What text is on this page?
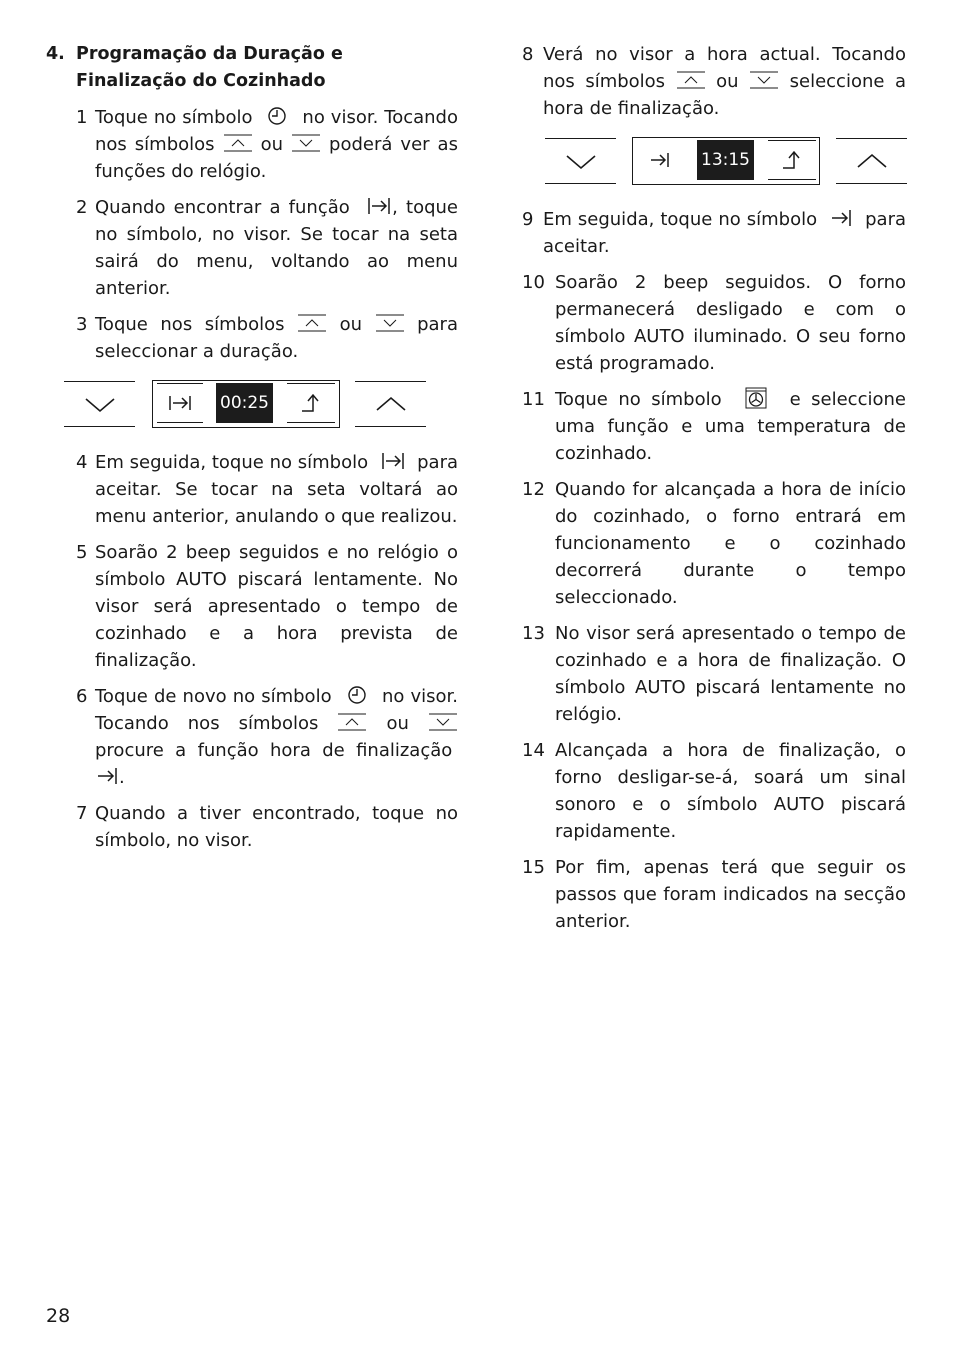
4. Programação da Duração e Finalização do Cozinhado
1 Toque no símbolo	no visor. Tocando nos símbolos	ou	poderá ver as funções do relógio.
2 Quando encontrar a função , toque no símbolo, no visor. Se tocar na seta sairá do menu, voltando ao menu anterior.
3 Toque nos símbolos	ou	para seleccionar a duração.
00:25
4 Em seguida, toque no símbolo	para aceitar. Se tocar na seta voltará ao menu anterior, anulando o que realizou.
5 Soarão 2 beep seguidos e no relógio o símbolo AUTO piscará lentamente. No visor será apresentado o tempo de cozinhado e a hora prevista de finalização.
6 Toque de novo no símbolo	no visor. Tocando nos símbolos	ou
procure a função hora de finalização
.
7 Quando a tiver encontrado, toque no símbolo, no visor.
8 Verá no visor a hora actual. Tocando nos símbolos	ou	seleccione a hora de finalização.
13:15
9 Em seguida, toque no símbolo	para aceitar.
10 Soarão 2 beep seguidos. O forno permanecerá desligado e com o símbolo AUTO iluminado. O seu forno está programado.
11 Toque no símbolo	e seleccione uma função e uma temperatura de cozinhado.
12 Quando for alcançada a hora de início do cozinhado, o forno entrará em funcionamento e o cozinhado decorrerá durante o tempo seleccionado.
13 No visor será apresentado o tempo de cozinhado e a hora de finalização. O símbolo AUTO piscará lentamente no relógio.
14 Alcançada a hora de finalização, o forno desligar-se-á, soará um sinal sonoro e o símbolo AUTO piscará rapidamente.
15 Por fim, apenas terá que seguir os passos que foram indicados na secção anterior.
28
